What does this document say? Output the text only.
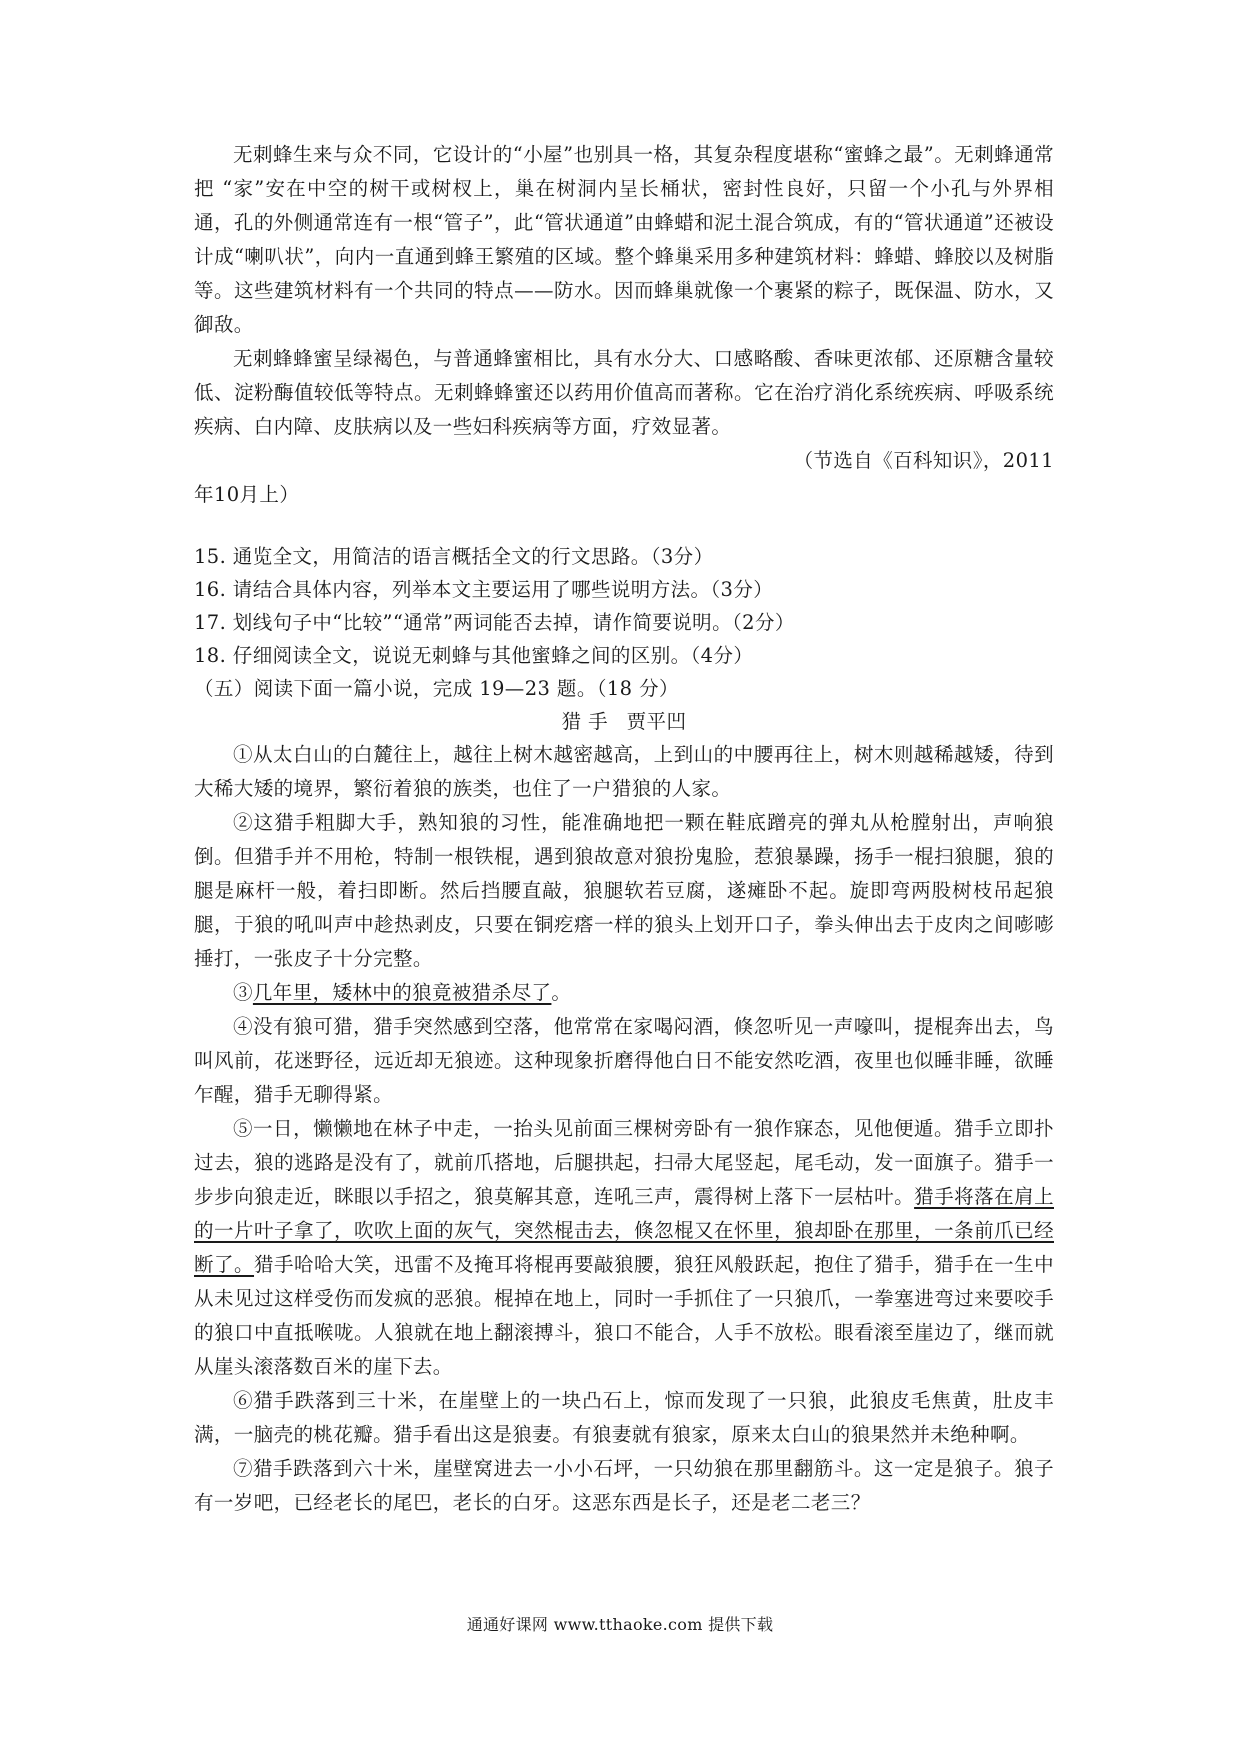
无刺蜂生来与众不同，它设计的“小屋”也别具一格，其复杂程度堪称“蜜蜂之最”。无刺蜂通常把 “家”安在中空的树干或树杈上，巢在树洞内呈长桶状，密封性良好，只留一个小孔与外界相通，孔的外侧通常连有一根“管子”，此“管状通道”由蜂蜡和泥土混合筑成，有的“管状通道”还被设计成“喇叭状”，向内一直通到蜂王繁殖的区域。整个蜂巢采用多种建筑材料：蜂蜡、蜂胶以及树脂等。这些建筑材料有一个共同的特点——防水。因而蜂巢就像一个裹紧的粽子，既保温、防水，又御敌。

无刺蜂蜂蜜呈绿褐色，与普通蜂蜜相比，具有水分大、口感略酸、香味更浓郁、还原糖含量较低、淀粉酶值较低等特点。无刺蜂蜂蜜还以药用价值高而著称。它在治疗消化系统疾病、呼吸系统疾病、白内障、皮肤病以及一些妇科疾病等方面，疗效显著。

（节选自《百科知识》，2011

年10月上）

15. 通览全文，用简洁的语言概括全文的行文思路。（3分）

16. 请结合具体内容，列举本文主要运用了哪些说明方法。（3分）

17. 划线句子中“比较”“通常”两词能否去掉，请作简要说明。（2分）

18. 仔细阅读全文，说说无刺蜂与其他蜜蜂之间的区别。（4分）

（五）阅读下面一篇小说，完成 19—23 题。（18 分）

猎 手 贾平凹

①从太白山的白麓往上，越往上树木越密越高，上到山的中腰再往上，树木则越稀越矮，待到大稀大矮的境界，繁衍着狼的族类，也住了一户猎狼的人家。

②这猎手粗脚大手，熟知狼的习性，能准确地把一颗在鞋底蹭亮的弹丸从枪膛射出，声响狼倒。但猎手并不用枪，特制一根铁棍，遇到狼故意对狼扮鬼脸，惹狼暴躁，扬手一棍扫狼腿，狼的腿是麻杆一般，着扫即断。然后挡腰直敲，狼腿软若豆腐，遂瘫卧不起。旋即弯两股树枝吊起狼腿，于狼的吼叫声中趁热剥皮，只要在铜疙瘩一样的狼头上划开口子，拳头伸出去于皮肉之间嘭嘭捶打，一张皮子十分完整。

③几年里，矮林中的狼竟被猎杀尽了。

④没有狼可猎，猎手突然感到空落，他常常在家喝闷酒，倏忽听见一声嚎叫，提棍奔出去，鸟叫风前，花迷野径，远近却无狼迹。这种现象折磨得他白日不能安然吃酒，夜里也似睡非睡，欲睡乍醒，猎手无聊得紧。

⑤一日，懒懒地在林子中走，一抬头见前面三棵树旁卧有一狼作寐态，见他便遁。猎手立即扑过去，狼的逃路是没有了，就前爪搭地，后腿拱起，扫帚大尾竖起，尾毛动，发一面旗子。猎手一步步向狼走近，眯眼以手招之，狼莫解其意，连吼三声，震得树上落下一层枯叶。猎手将落在肩上的一片叶子拿了，吹吹上面的灰气，突然棍击去，倏忽棍又在怀里，狼却卧在那里，一条前爪已经断了。猎手哈哈大笑，迅雷不及掩耳将棍再要敲狼腰，狼狂风般跃起，抱住了猎手，猎手在一生中从未见过这样受伤而发疯的恶狼。棍掉在地上，同时一手抓住了一只狼爪，一拳塞进弯过来要咬手的狼口中直抵喉咙。人狼就在地上翻滚搏斗，狼口不能合，人手不放松。眼看滚至崖边了，继而就从崖头滚落数百米的崖下去。

⑥猎手跌落到三十米，在崖壁上的一块凸石上，惊而发现了一只狼，此狼皮毛焦黄，肚皮丰满，一脑壳的桃花瓣。猎手看出这是狼妻。有狼妻就有狼家，原来太白山的狼果然并未绝种啊。

⑦猎手跌落到六十米，崖壁窝进去一小小石坪，一只幼狼在那里翻筋斗。这一定是狼子。狼子有一岁吧，已经老长的尾巴，老长的白牙。这恶东西是长子，还是老二老三？

通通好课网 www.tthaoke.com 提供下载
